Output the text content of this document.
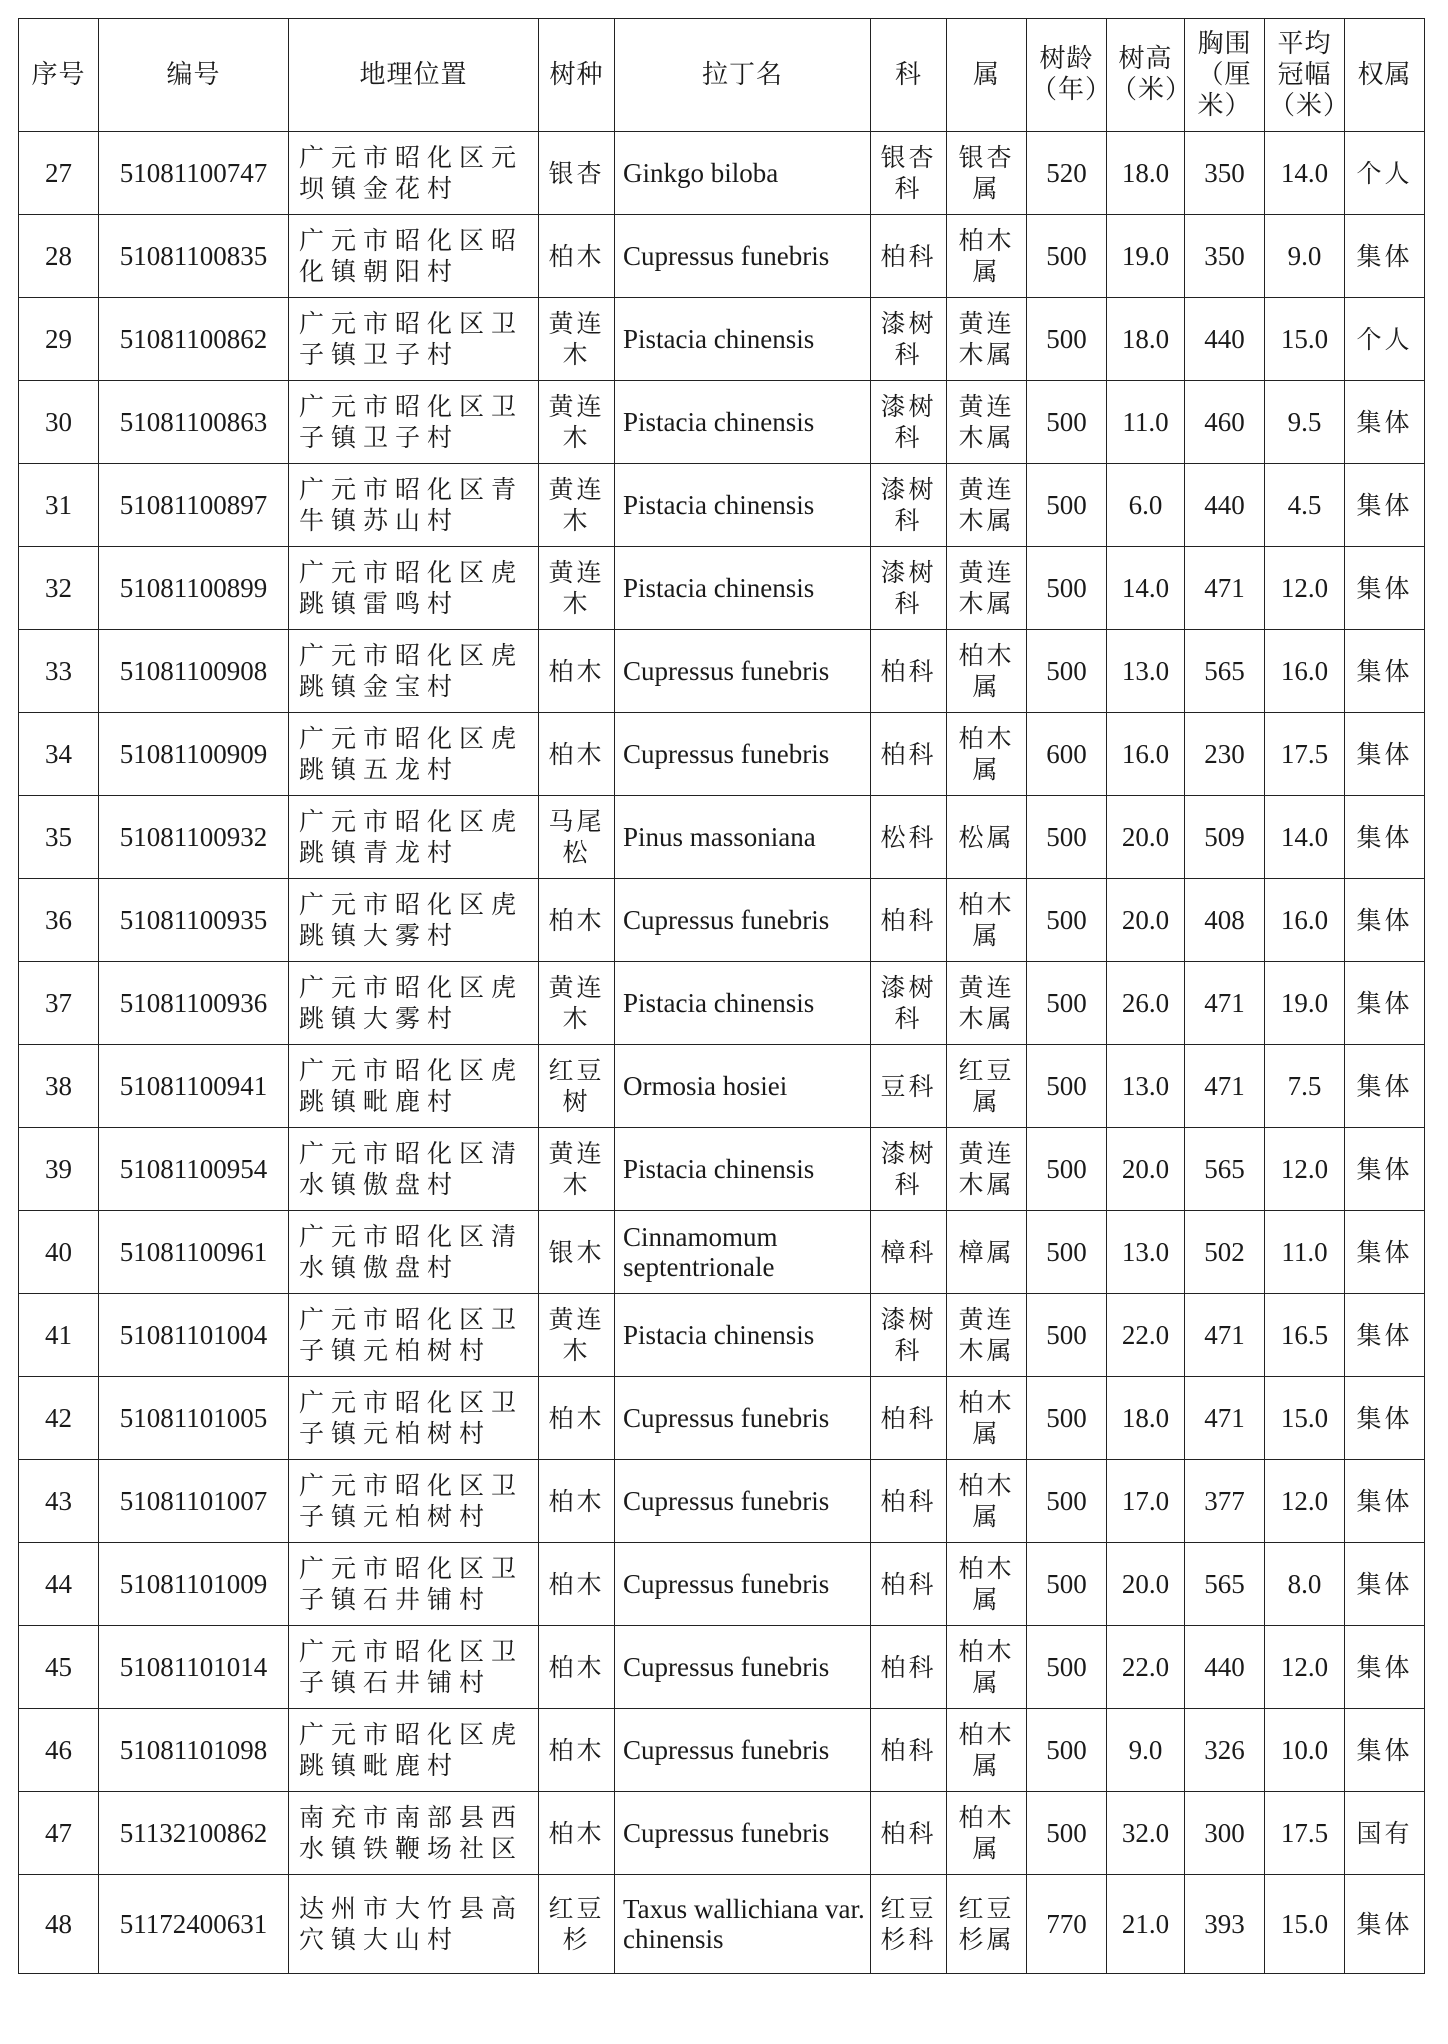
序号	编号	地理位置	树种	拉丁名	科	属	树龄（年）	树高（米）	胸围（厘米）	平均冠幅（米）	权属
27	51081100747	广元市昭化区元坝镇金花村	银杏	Ginkgo biloba	银杏科	银杏属	520	18.0	350	14.0	个人
28	51081100835	广元市昭化区昭化镇朝阳村	柏木	Cupressus funebris	柏科	柏木属	500	19.0	350	9.0	集体
29	51081100862	广元市昭化区卫子镇卫子村	黄连木	Pistacia chinensis	漆树科	黄连木属	500	18.0	440	15.0	个人
30	51081100863	广元市昭化区卫子镇卫子村	黄连木	Pistacia chinensis	漆树科	黄连木属	500	11.0	460	9.5	集体
31	51081100897	广元市昭化区青牛镇苏山村	黄连木	Pistacia chinensis	漆树科	黄连木属	500	6.0	440	4.5	集体
32	51081100899	广元市昭化区虎跳镇雷鸣村	黄连木	Pistacia chinensis	漆树科	黄连木属	500	14.0	471	12.0	集体
33	51081100908	广元市昭化区虎跳镇金宝村	柏木	Cupressus funebris	柏科	柏木属	500	13.0	565	16.0	集体
34	51081100909	广元市昭化区虎跳镇五龙村	柏木	Cupressus funebris	柏科	柏木属	600	16.0	230	17.5	集体
35	51081100932	广元市昭化区虎跳镇青龙村	马尾松	Pinus massoniana	松科	松属	500	20.0	509	14.0	集体
36	51081100935	广元市昭化区虎跳镇大雾村	柏木	Cupressus funebris	柏科	柏木属	500	20.0	408	16.0	集体
37	51081100936	广元市昭化区虎跳镇大雾村	黄连木	Pistacia chinensis	漆树科	黄连木属	500	26.0	471	19.0	集体
38	51081100941	广元市昭化区虎跳镇毗鹿村	红豆树	Ormosia hosiei	豆科	红豆属	500	13.0	471	7.5	集体
39	51081100954	广元市昭化区清水镇傲盘村	黄连木	Pistacia chinensis	漆树科	黄连木属	500	20.0	565	12.0	集体
40	51081100961	广元市昭化区清水镇傲盘村	银木	Cinnamomum septentrionale	樟科	樟属	500	13.0	502	11.0	集体
41	51081101004	广元市昭化区卫子镇元柏树村	黄连木	Pistacia chinensis	漆树科	黄连木属	500	22.0	471	16.5	集体
42	51081101005	广元市昭化区卫子镇元柏树村	柏木	Cupressus funebris	柏科	柏木属	500	18.0	471	15.0	集体
43	51081101007	广元市昭化区卫子镇元柏树村	柏木	Cupressus funebris	柏科	柏木属	500	17.0	377	12.0	集体
44	51081101009	广元市昭化区卫子镇石井铺村	柏木	Cupressus funebris	柏科	柏木属	500	20.0	565	8.0	集体
45	51081101014	广元市昭化区卫子镇石井铺村	柏木	Cupressus funebris	柏科	柏木属	500	22.0	440	12.0	集体
46	51081101098	广元市昭化区虎跳镇毗鹿村	柏木	Cupressus funebris	柏科	柏木属	500	9.0	326	10.0	集体
47	51132100862	南充市南部县西水镇铁鞭场社区	柏木	Cupressus funebris	柏科	柏木属	500	32.0	300	17.5	国有
48	51172400631	达州市大竹县高穴镇大山村	红豆杉	Taxus wallichiana var. chinensis	红豆杉科	红豆杉属	770	21.0	393	15.0	集体
